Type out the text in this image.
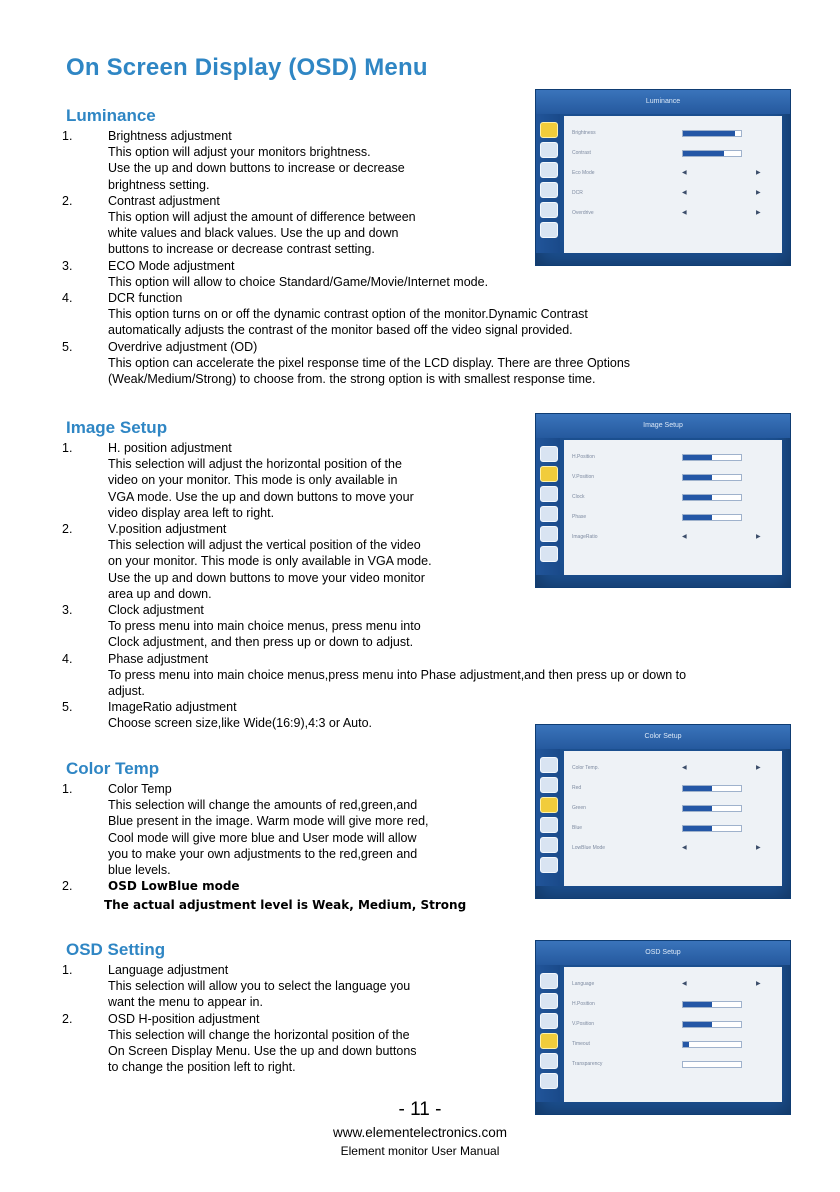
On Screen Display (OSD) Menu
Luminance
1.	Brightness adjustment
This option will adjust your monitors brightness.
Use the up and down buttons to increase or decrease
brightness setting.
2.	Contrast adjustment
This option will adjust the amount of difference between
white values and black values. Use the up and down
buttons to increase or decrease contrast setting.
3.	ECO Mode adjustment
This option will allow to choice Standard/Game/Movie/Internet mode.
4.	DCR function
This option turns on or off the dynamic contrast option of the monitor.Dynamic Contrast
automatically adjusts the contrast of the monitor based off the video signal provided.
5.	Overdrive adjustment (OD)
This option can accelerate the pixel response time of the LCD display. There are three Options
(Weak/Medium/Strong) to choose from. the strong option is with smallest response time.
Image Setup
1.	H. position adjustment
This selection will adjust the horizontal position of the
video on your monitor. This mode is only available in
VGA mode. Use the up and down buttons to move your
video display area left to right.
2.	V.position adjustment
This selection will adjust the vertical position of the video
on your monitor. This mode is only available in VGA mode.
Use the up and down buttons to move your video monitor
area up and down.
3.	Clock adjustment
To press menu into main choice menus, press menu into
Clock adjustment, and then press up or down to adjust.
4.	Phase adjustment
To press menu into main choice menus,press menu into Phase adjustment,and then press up or down to
adjust.
5.	ImageRatio adjustment
Choose screen size,like Wide(16:9),4:3 or Auto.
Color Temp
1.	Color Temp
This selection will change the amounts of red,green,and
Blue present in the image. Warm mode will give more red,
Cool mode will give more blue and User mode will allow
you to make your own adjustments to the red,green and
blue levels.
2.	OSD LowBlue mode
The actual adjustment level is Weak, Medium, Strong
OSD Setting
1.	Language adjustment
This selection will allow you to select the language you
want the menu to appear in.
2.	OSD H-position adjustment
This selection will change the horizontal position of the
On Screen Display Menu. Use the up and down buttons
to change the position left to right.
Luminance
Brightness
Contrast
Eco Mode	◀	▶
DCR	◀	▶
Overdrive	◀	▶
Image Setup
H.Position
V.Position
Clock
Phase
ImageRatio	◀	▶
Color Setup
Color Temp.	◀	▶
Red
Green
Blue
LowBlue Mode	◀	▶
OSD Setup
Language	◀	▶
H.Position
V.Position
Timeout
Transparency
- 11 -
www.elementelectronics.com
Element monitor User Manual
